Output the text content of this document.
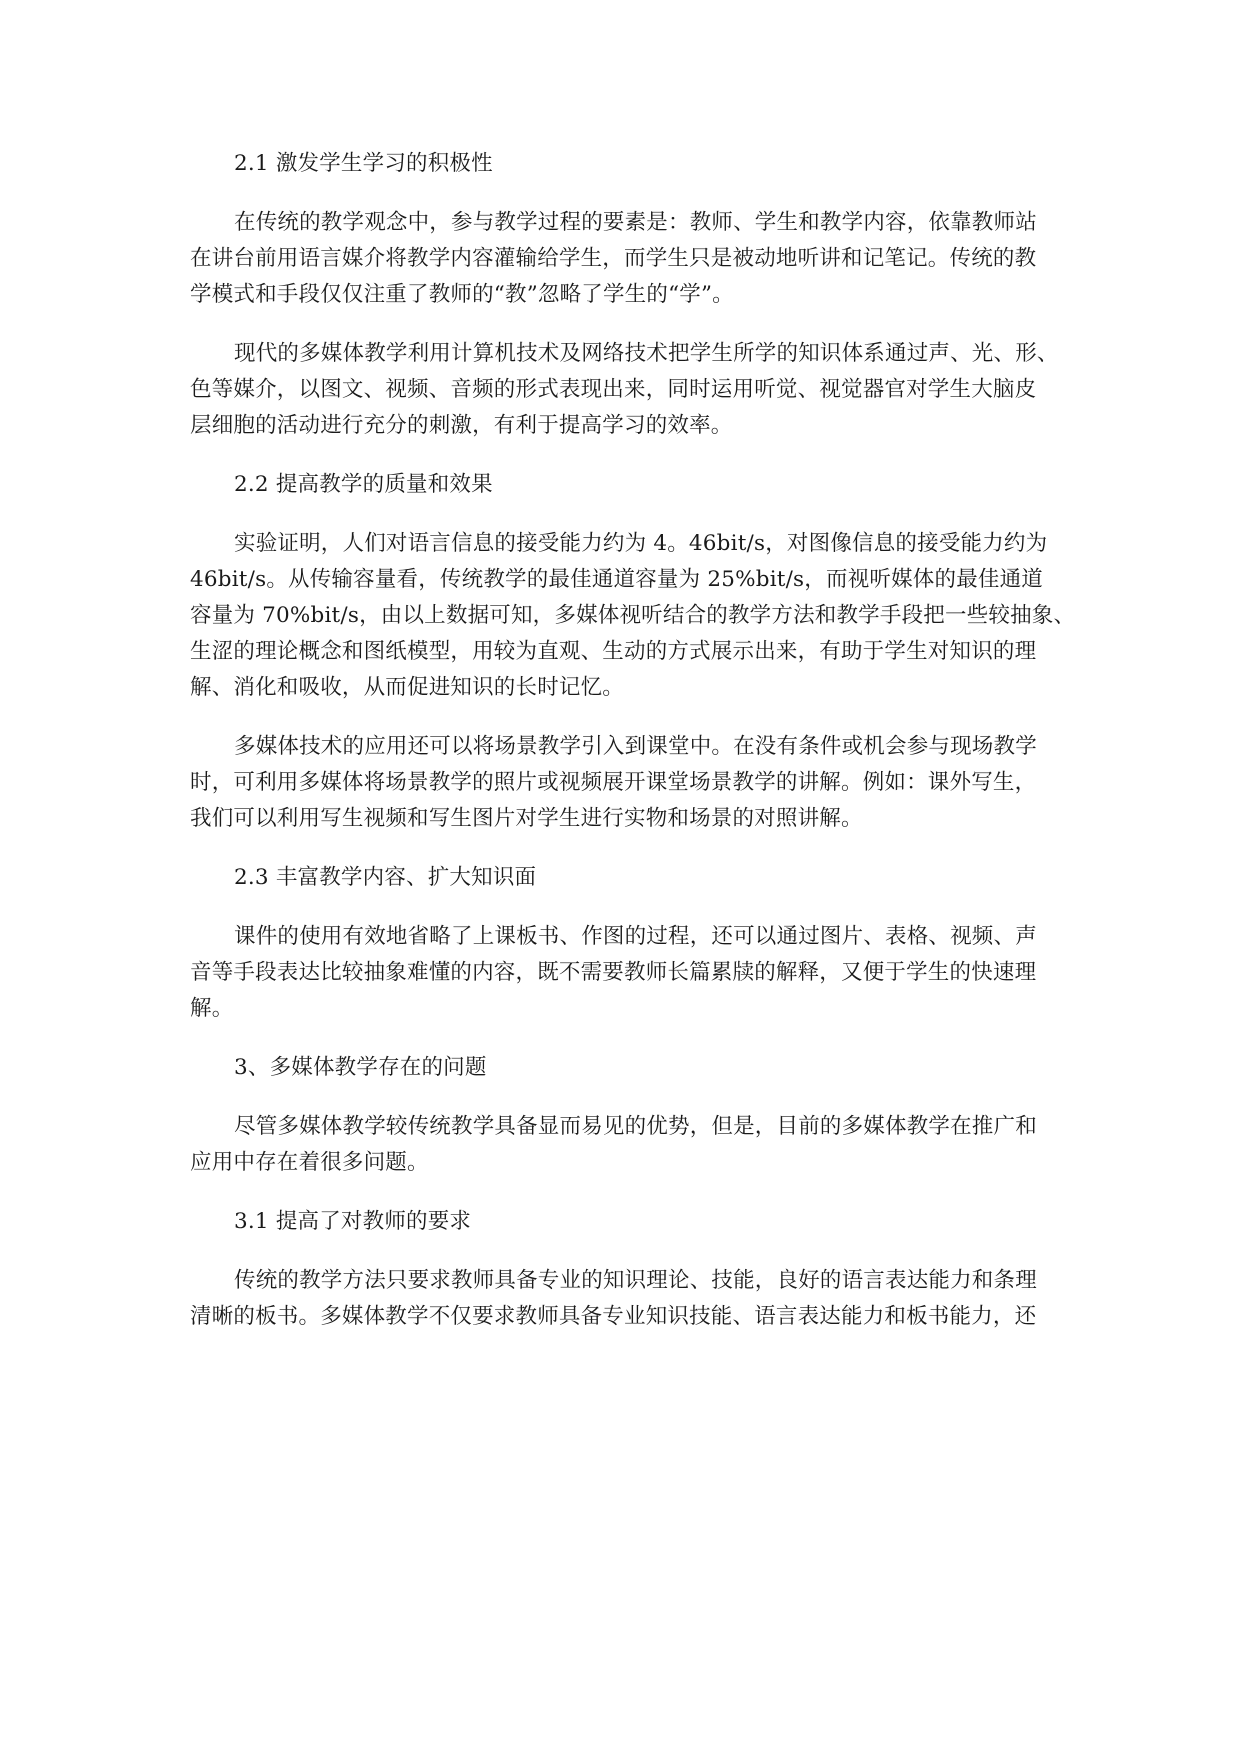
2.1 激发学生学习的积极性
在传统的教学观念中，参与教学过程的要素是：教师、学生和教学内容，依靠教师站
在讲台前用语言媒介将教学内容灌输给学生，而学生只是被动地听讲和记笔记。传统的教
学模式和手段仅仅注重了教师的“教”忽略了学生的“学”。
现代的多媒体教学利用计算机技术及网络技术把学生所学的知识体系通过声、光、形、
色等媒介，以图文、视频、音频的形式表现出来，同时运用听觉、视觉器官对学生大脑皮
层细胞的活动进行充分的刺激，有利于提高学习的效率。
2.2 提高教学的质量和效果
实验证明，人们对语言信息的接受能力约为 4。46bit/s，对图像信息的接受能力约为
46bit/s。从传输容量看，传统教学的最佳通道容量为 25%bit/s，而视听媒体的最佳通道
容量为 70%bit/s，由以上数据可知，多媒体视听结合的教学方法和教学手段把一些较抽象、
生涩的理论概念和图纸模型，用较为直观、生动的方式展示出来，有助于学生对知识的理
解、消化和吸收，从而促进知识的长时记忆。
多媒体技术的应用还可以将场景教学引入到课堂中。在没有条件或机会参与现场教学
时，可利用多媒体将场景教学的照片或视频展开课堂场景教学的讲解。例如：课外写生，
我们可以利用写生视频和写生图片对学生进行实物和场景的对照讲解。
2.3 丰富教学内容、扩大知识面
课件的使用有效地省略了上课板书、作图的过程，还可以通过图片、表格、视频、声
音等手段表达比较抽象难懂的内容，既不需要教师长篇累牍的解释，又便于学生的快速理
解。
3、多媒体教学存在的问题
尽管多媒体教学较传统教学具备显而易见的优势，但是，目前的多媒体教学在推广和
应用中存在着很多问题。
3.1 提高了对教师的要求
传统的教学方法只要求教师具备专业的知识理论、技能，良好的语言表达能力和条理
清晰的板书。多媒体教学不仅要求教师具备专业知识技能、语言表达能力和板书能力，还
